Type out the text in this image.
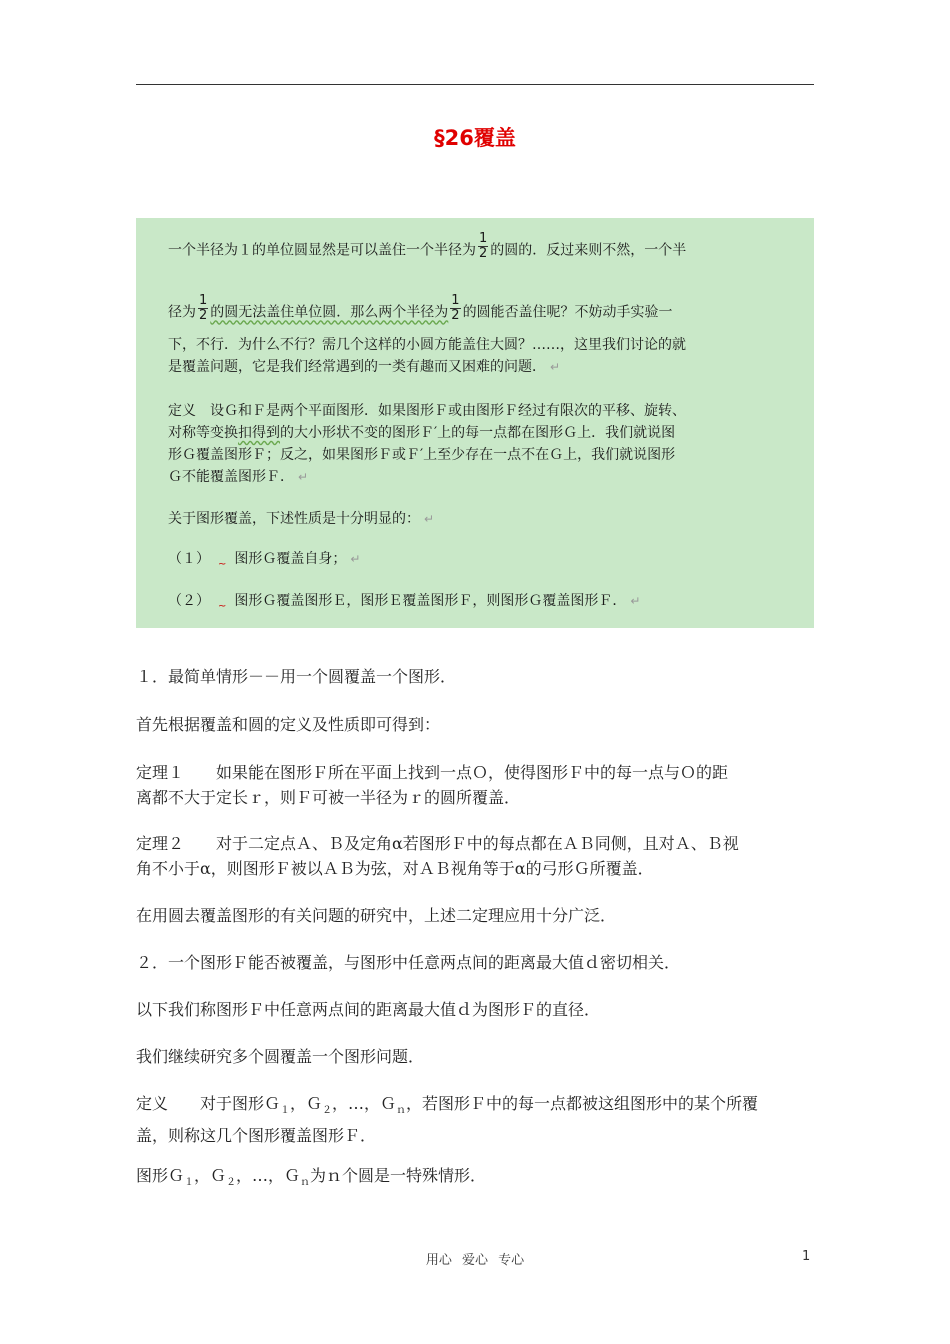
§26覆盖
一个半径为１的单位圆显然是可以盖住一个半径为 $\frac{1}{2}$ 的圆的．反过来则不然，一个半
径为 $\frac{1}{2}$ 的圆无法盖住单位圆．那么两个半径为 $\frac{1}{2}$ 的圆能否盖住呢？不妨动手实验一
下，不行．为什么不行？需几个这样的小圆方能盖住大圆？……，这里我们讨论的就
是覆盖问题，它是我们经常遇到的一类有趣而又困难的问题． ↵
定义　设Ｇ和Ｆ是两个平面图形．如果图形Ｆ或由图形Ｆ经过有限次的平移、旋转、
对称等变换扣得到的大小形状不变的图形Ｆ′上的每一点都在图形Ｇ上．我们就说图
形Ｇ覆盖图形Ｆ；反之，如果图形Ｆ或Ｆ′上至少存在一点不在Ｇ上，我们就说图形
Ｇ不能覆盖图形Ｆ． ↵
关于图形覆盖，下述性质是十分明显的： ↵
（１） $_\sim$ 图形Ｇ覆盖自身； ↵
（２） $_\sim$ 图形Ｇ覆盖图形Ｅ，图形Ｅ覆盖图形Ｆ，则图形Ｇ覆盖图形Ｆ． ↵
１．最简单情形－－用一个圆覆盖一个图形．
首先根据覆盖和圆的定义及性质即可得到：
定理１　　如果能在图形Ｆ所在平面上找到一点Ｏ，使得图形Ｆ中的每一点与Ｏ的距
离都不大于定长ｒ，则Ｆ可被一半径为ｒ的圆所覆盖．
定理２　　对于二定点Ａ、Ｂ及定角α若图形Ｆ中的每点都在ＡＢ同侧，且对Ａ、Ｂ视
角不小于α，则图形Ｆ被以ＡＢ为弦，对ＡＢ视角等于α的弓形Ｇ所覆盖．
在用圆去覆盖图形的有关问题的研究中，上述二定理应用十分广泛．
２．一个图形Ｆ能否被覆盖，与图形中任意两点间的距离最大值ｄ密切相关．
以下我们称图形Ｆ中任意两点间的距离最大值ｄ为图形Ｆ的直径．
我们继续研究多个圆覆盖一个图形问题．
定义　　对于图形Ｇ$_1$，Ｇ$_2$，…，Ｇ$_n$，若图形Ｆ中的每一点都被这组图形中的某个所覆
盖，则称这几个图形覆盖图形Ｆ．
图形Ｇ$_1$，Ｇ$_2$，…，Ｇ$_n$为ｎ个圆是一特殊情形．
用心 爱心 专心	1
